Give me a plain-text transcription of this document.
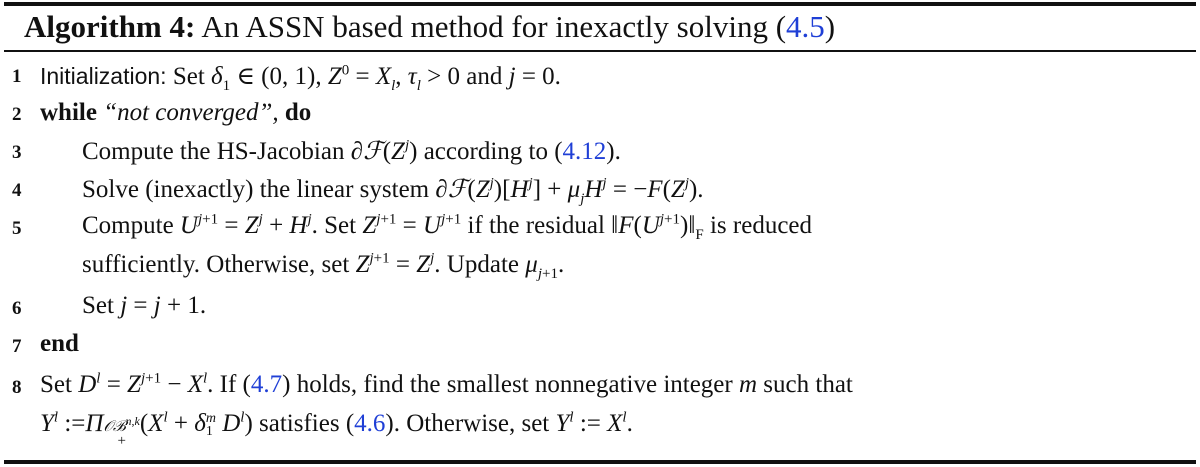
Algorithm 4: An ASSN based method for inexactly solving (4.5)
1 Initialization: Set $\delta_1$ ∈ (0, 1), $Z^0 = X_l$, $\tau_l > 0$ and j = 0.
2 while “not converged”, do
3 Compute the HS-Jacobian $\partial ℱ(Z^j)$ according to (4.12).
4 Solve (inexactly) the linear system $\partial ℱ(Z^j)[H^j] + \mu_jH^j = -F(Z^j)$.
5 Compute $U^{j+1} = Z^j + H^j$. Set $Z^{j+1} = U^{j+1}$ if the residual $‖F(U^{j+1})‖_F$ is reduced
sufficiently. Otherwise, set $Z^{j+1} = Z^j$. Update $\mu_{j+1}$.
6 Set j = j + 1.
7 end
8 Set $D^l = Z^{j+1} - X^l$. If (4.7) holds, find the smallest nonnegative integer m such that
$Y^l$ :=Π𝒪ℬ$^{n,k}$
$+(X^l + \delta m$
1 $D^l$) satisfies (4.6). Otherwise, set $Y^l$ := $X^l$.
